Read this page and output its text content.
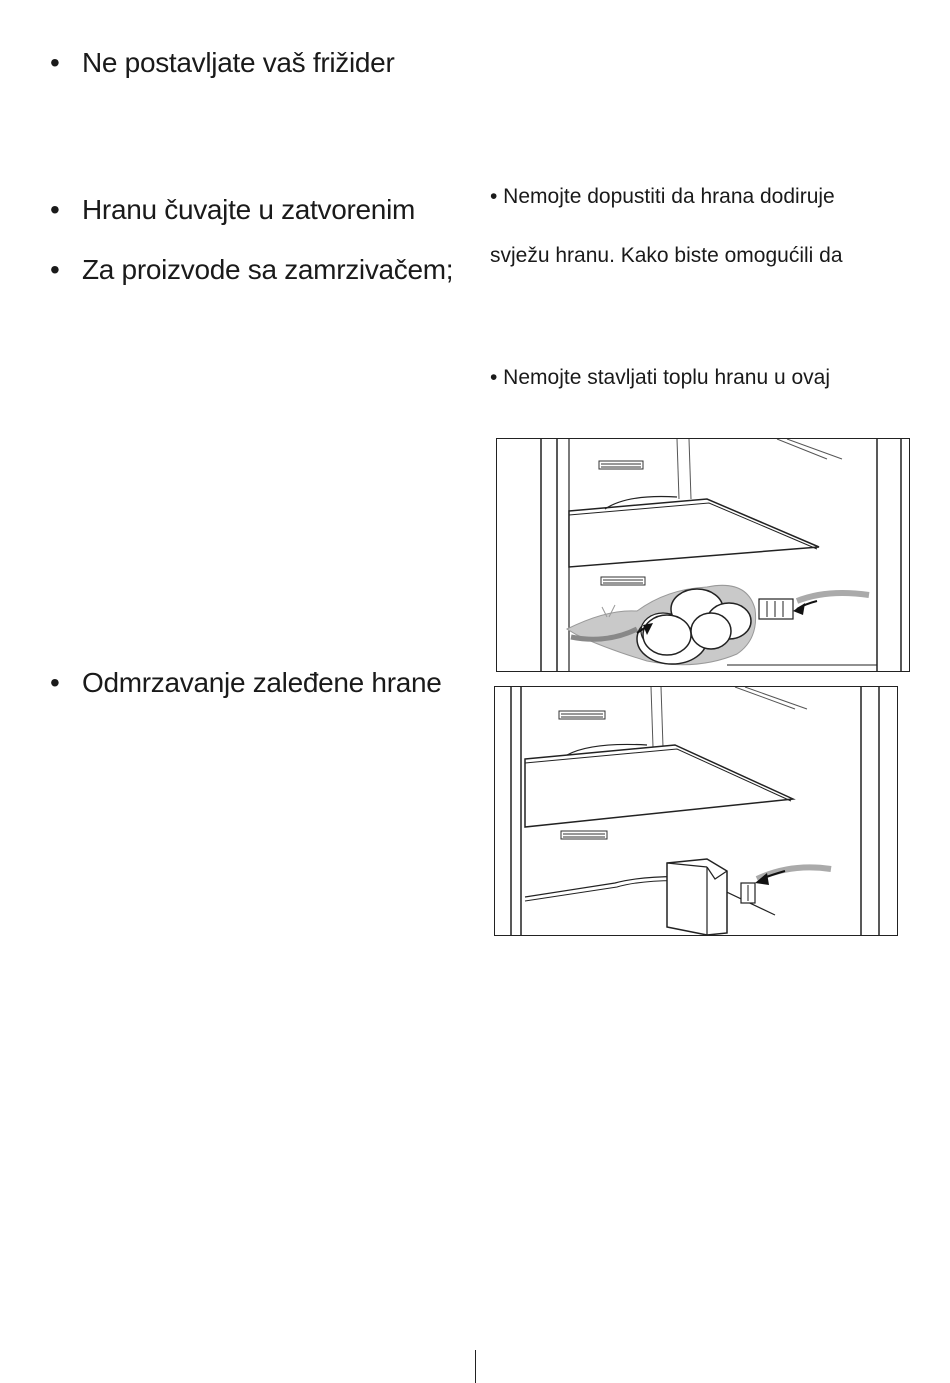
• Ne postavljate vaš frižider
• Hranu čuvajte u zatvorenim
• Za proizvode sa zamrzivačem;
• Odmrzavanje zaleđene hrane
• Nemojte dopustiti da hrana dodiruje
svježu hranu. Kako biste omogućili da
• Nemojte stavljati toplu hranu u ovaj
